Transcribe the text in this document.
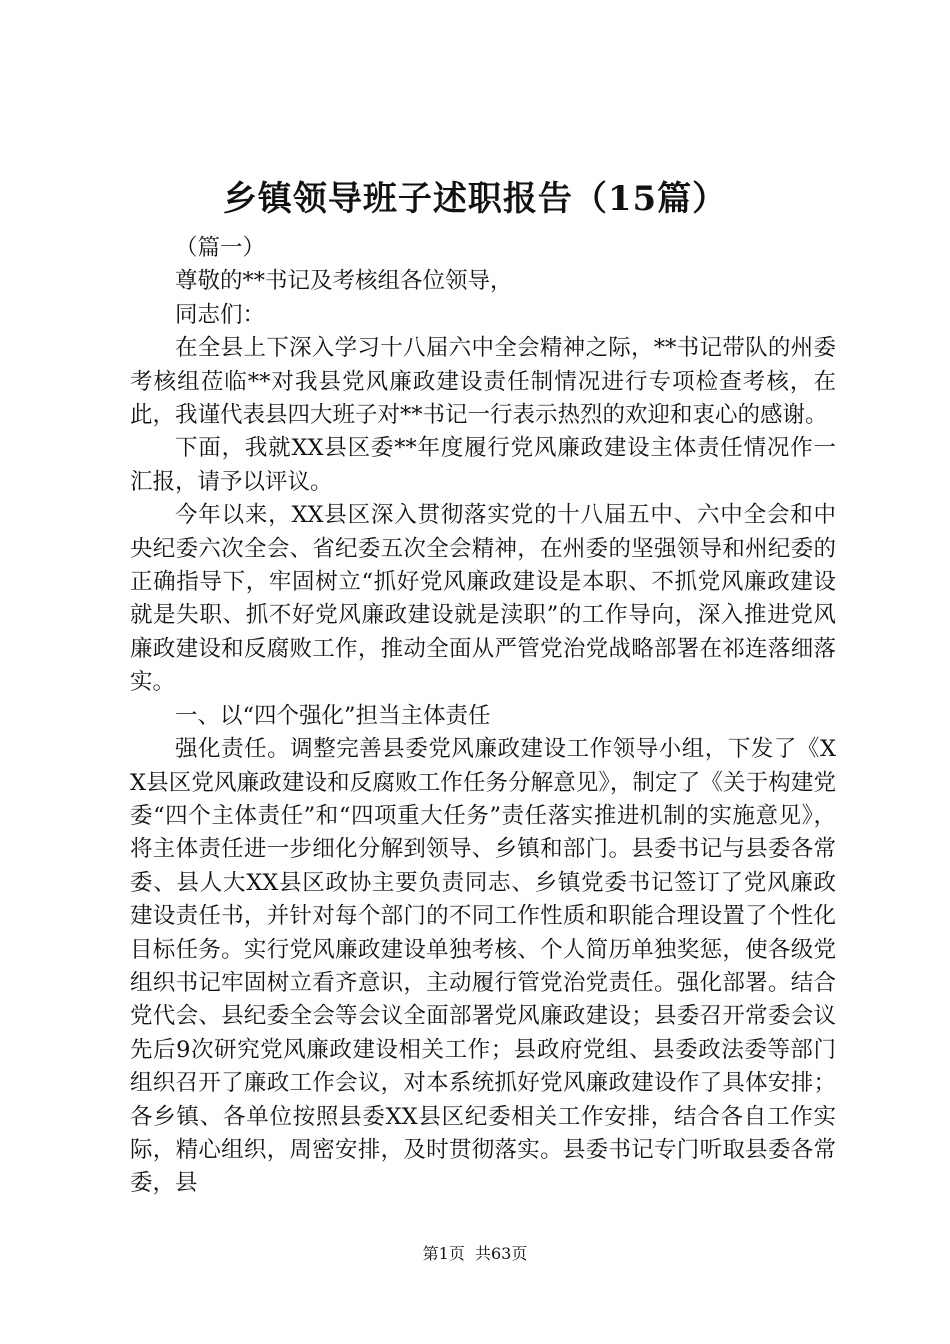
乡镇领导班子述职报告（15篇）

（篇一）

尊敬的**书记及考核组各位领导，

同志们：

在全县上下深入学习十八届六中全会精神之际，**书记带队的州委考核组莅临**对我县党风廉政建设责任制情况进行专项检查考核，在此，我谨代表县四大班子对**书记一行表示热烈的欢迎和衷心的感谢。

下面，我就XX县区委**年度履行党风廉政建设主体责任情况作一汇报，请予以评议。

今年以来，XX县区深入贯彻落实党的十八届五中、六中全会和中央纪委六次全会、省纪委五次全会精神，在州委的坚强领导和州纪委的正确指导下，牢固树立“抓好党风廉政建设是本职、不抓党风廉政建设就是失职、抓不好党风廉政建设就是渎职”的工作导向，深入推进党风廉政建设和反腐败工作，推动全面从严管党治党战略部署在祁连落细落实。

一、以“四个强化”担当主体责任

强化责任。调整完善县委党风廉政建设工作领导小组，下发了《XX县区党风廉政建设和反腐败工作任务分解意见》，制定了《关于构建党委“四个主体责任”和“四项重大任务”责任落实推进机制的实施意见》，将主体责任进一步细化分解到领导、乡镇和部门。县委书记与县委各常委、县人大XX县区政协主要负责同志、乡镇党委书记签订了党风廉政建设责任书，并针对每个部门的不同工作性质和职能合理设置了个性化目标任务。实行党风廉政建设单独考核、个人简历单独奖惩，使各级党组织书记牢固树立看齐意识，主动履行管党治党责任。强化部署。结合党代会、县纪委全会等会议全面部署党风廉政建设；县委召开常委会议先后9次研究党风廉政建设相关工作；县政府党组、县委政法委等部门组织召开了廉政工作会议，对本系统抓好党风廉政建设作了具体安排；各乡镇、各单位按照县委XX县区纪委相关工作安排，结合各自工作实际，精心组织，周密安排，及时贯彻落实。县委书记专门听取县委各常委，县

第1页  共63页
